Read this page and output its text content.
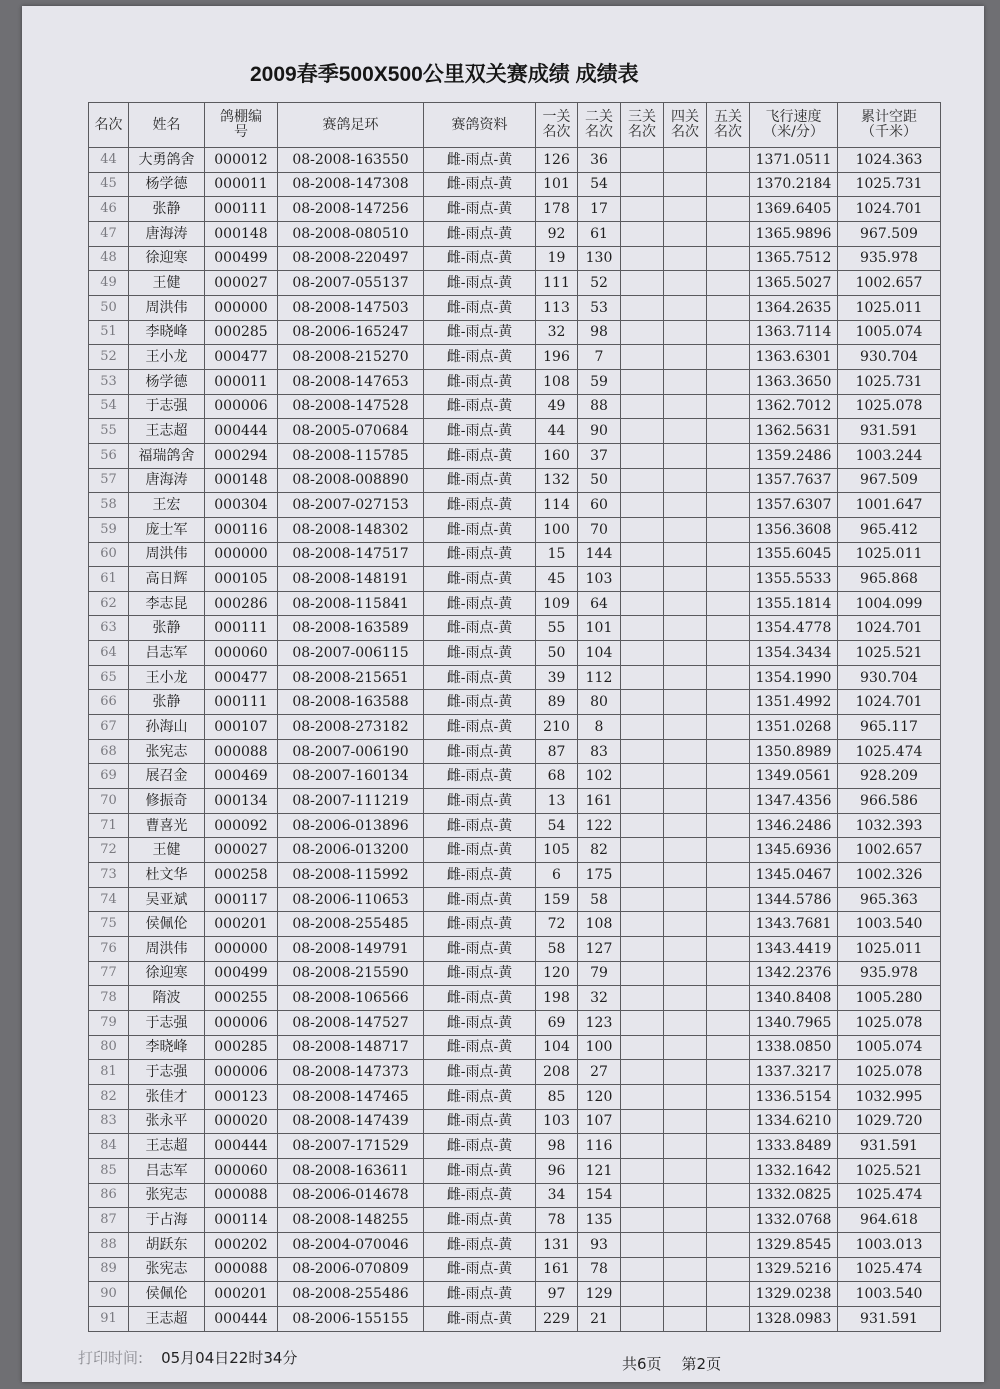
2009春季500X500公里双关赛成绩 成绩表
名次	姓名	鸽棚编号	赛鸽足环	赛鸽资料	一关名次	二关名次	三关名次	四关名次	五关名次	飞行速度（米/分）	累计空距（千米）
44	大勇鸽舍	000012	08-2008-163550	雌-雨点-黄	126	36				1371.0511	1024.363
45	杨学德	000011	08-2008-147308	雌-雨点-黄	101	54				1370.2184	1025.731
46	张静	000111	08-2008-147256	雌-雨点-黄	178	17				1369.6405	1024.701
47	唐海涛	000148	08-2008-080510	雌-雨点-黄	92	61				1365.9896	967.509
48	徐迎寒	000499	08-2008-220497	雌-雨点-黄	19	130				1365.7512	935.978
49	王健	000027	08-2007-055137	雌-雨点-黄	111	52				1365.5027	1002.657
50	周洪伟	000000	08-2008-147503	雌-雨点-黄	113	53				1364.2635	1025.011
51	李晓峰	000285	08-2006-165247	雌-雨点-黄	32	98				1363.7114	1005.074
52	王小龙	000477	08-2008-215270	雌-雨点-黄	196	7				1363.6301	930.704
53	杨学德	000011	08-2008-147653	雌-雨点-黄	108	59				1363.3650	1025.731
54	于志强	000006	08-2008-147528	雌-雨点-黄	49	88				1362.7012	1025.078
55	王志超	000444	08-2005-070684	雌-雨点-黄	44	90				1362.5631	931.591
56	福瑞鸽舍	000294	08-2008-115785	雌-雨点-黄	160	37				1359.2486	1003.244
57	唐海涛	000148	08-2008-008890	雌-雨点-黄	132	50				1357.7637	967.509
58	王宏	000304	08-2007-027153	雌-雨点-黄	114	60				1357.6307	1001.647
59	庞士军	000116	08-2008-148302	雌-雨点-黄	100	70				1356.3608	965.412
60	周洪伟	000000	08-2008-147517	雌-雨点-黄	15	144				1355.6045	1025.011
61	高日辉	000105	08-2008-148191	雌-雨点-黄	45	103				1355.5533	965.868
62	李志昆	000286	08-2008-115841	雌-雨点-黄	109	64				1355.1814	1004.099
63	张静	000111	08-2008-163589	雌-雨点-黄	55	101				1354.4778	1024.701
64	吕志军	000060	08-2007-006115	雌-雨点-黄	50	104				1354.3434	1025.521
65	王小龙	000477	08-2008-215651	雌-雨点-黄	39	112				1354.1990	930.704
66	张静	000111	08-2008-163588	雌-雨点-黄	89	80				1351.4992	1024.701
67	孙海山	000107	08-2008-273182	雌-雨点-黄	210	8				1351.0268	965.117
68	张宪志	000088	08-2007-006190	雌-雨点-黄	87	83				1350.8989	1025.474
69	展召金	000469	08-2007-160134	雌-雨点-黄	68	102				1349.0561	928.209
70	修振奇	000134	08-2007-111219	雌-雨点-黄	13	161				1347.4356	966.586
71	曹喜光	000092	08-2006-013896	雌-雨点-黄	54	122				1346.2486	1032.393
72	王健	000027	08-2006-013200	雌-雨点-黄	105	82				1345.6936	1002.657
73	杜文华	000258	08-2008-115992	雌-雨点-黄	6	175				1345.0467	1002.326
74	吴亚斌	000117	08-2006-110653	雌-雨点-黄	159	58				1344.5786	965.363
75	侯佩伦	000201	08-2008-255485	雌-雨点-黄	72	108				1343.7681	1003.540
76	周洪伟	000000	08-2008-149791	雌-雨点-黄	58	127				1343.4419	1025.011
77	徐迎寒	000499	08-2008-215590	雌-雨点-黄	120	79				1342.2376	935.978
78	隋波	000255	08-2008-106566	雌-雨点-黄	198	32				1340.8408	1005.280
79	于志强	000006	08-2008-147527	雌-雨点-黄	69	123				1340.7965	1025.078
80	李晓峰	000285	08-2008-148717	雌-雨点-黄	104	100				1338.0850	1005.074
81	于志强	000006	08-2008-147373	雌-雨点-黄	208	27				1337.3217	1025.078
82	张佳才	000123	08-2008-147465	雌-雨点-黄	85	120				1336.5154	1032.995
83	张永平	000020	08-2008-147439	雌-雨点-黄	103	107				1334.6210	1029.720
84	王志超	000444	08-2007-171529	雌-雨点-黄	98	116				1333.8489	931.591
85	吕志军	000060	08-2008-163611	雌-雨点-黄	96	121				1332.1642	1025.521
86	张宪志	000088	08-2006-014678	雌-雨点-黄	34	154				1332.0825	1025.474
87	于占海	000114	08-2008-148255	雌-雨点-黄	78	135				1332.0768	964.618
88	胡跃东	000202	08-2004-070046	雌-雨点-黄	131	93				1329.8545	1003.013
89	张宪志	000088	08-2006-070809	雌-雨点-黄	161	78				1329.5216	1025.474
90	侯佩伦	000201	08-2008-255486	雌-雨点-黄	97	129				1329.0238	1003.540
91	王志超	000444	08-2006-155155	雌-雨点-黄	229	21				1328.0983	931.591
打印时间: 05月04日22时34分	共6页 第2页
